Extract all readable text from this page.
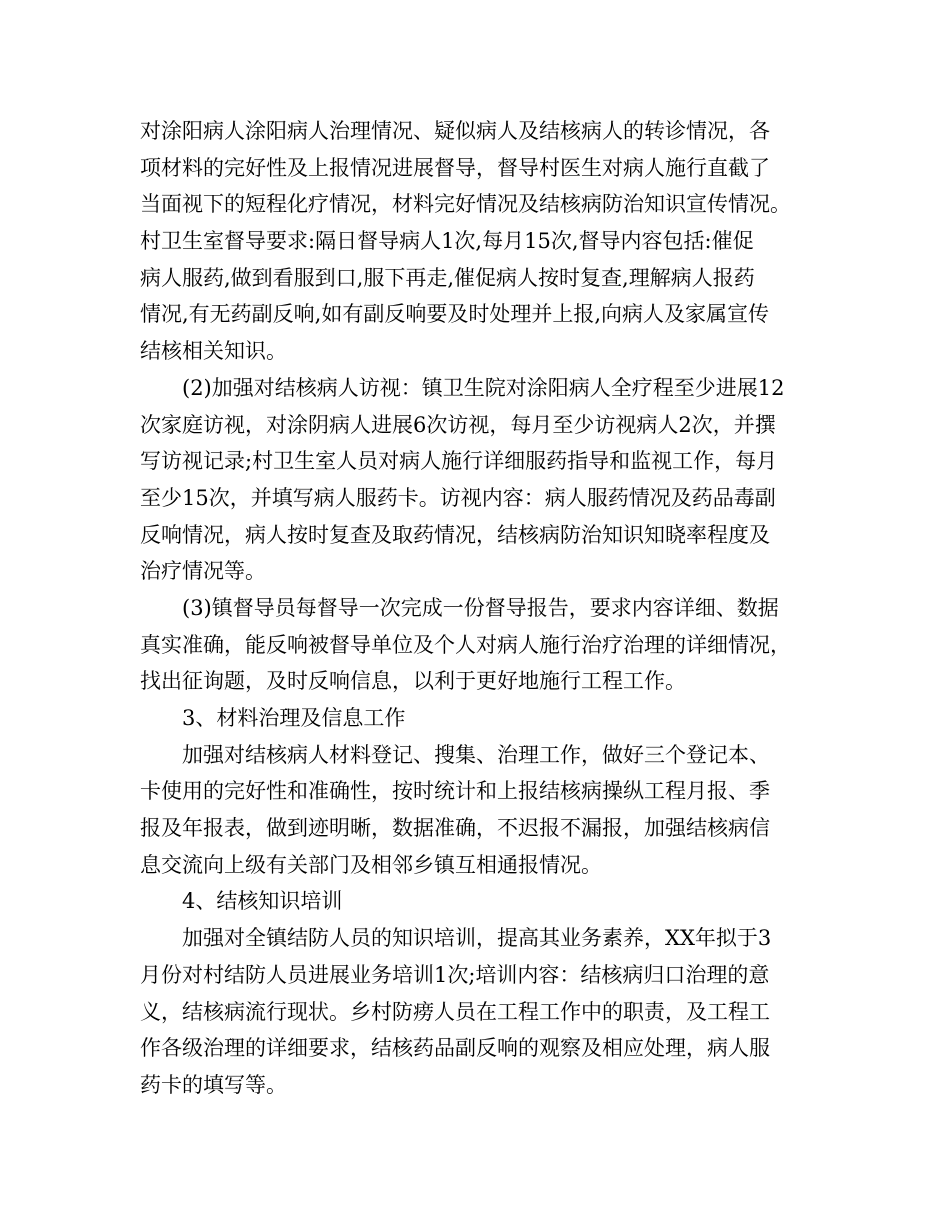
对涂阳病人涂阳病人治理情况、疑似病人及结核病人的转诊情况，各
项材料的完好性及上报情况进展督导，督导村医生对病人施行直截了
当面视下的短程化疗情况，材料完好情况及结核病防治知识宣传情况。
村卫生室督导要求:隔日督导病人1次,每月15次,督导内容包括:催促
病人服药,做到看服到口,服下再走,催促病人按时复查,理解病人报药
情况,有无药副反响,如有副反响要及时处理并上报,向病人及家属宣传
结核相关知识。
(2)加强对结核病人访视：镇卫生院对涂阳病人全疗程至少进展12
次家庭访视，对涂阴病人进展6次访视，每月至少访视病人2次，并撰
写访视记录;村卫生室人员对病人施行详细服药指导和监视工作，每月
至少15次，并填写病人服药卡。访视内容：病人服药情况及药品毒副
反响情况，病人按时复查及取药情况，结核病防治知识知晓率程度及
治疗情况等。
(3)镇督导员每督导一次完成一份督导报告，要求内容详细、数据
真实准确，能反响被督导单位及个人对病人施行治疗治理的详细情况，
找出征询题，及时反响信息，以利于更好地施行工程工作。
3、材料治理及信息工作
加强对结核病人材料登记、搜集、治理工作，做好三个登记本、
卡使用的完好性和准确性，按时统计和上报结核病操纵工程月报、季
报及年报表，做到迹明晰，数据准确，不迟报不漏报，加强结核病信
息交流向上级有关部门及相邻乡镇互相通报情况。
4、结核知识培训
加强对全镇结防人员的知识培训，提高其业务素养，XX年拟于3
月份对村结防人员进展业务培训1次;培训内容：结核病归口治理的意
义，结核病流行现状。乡村防痨人员在工程工作中的职责，及工程工
作各级治理的详细要求，结核药品副反响的观察及相应处理，病人服
药卡的填写等。
